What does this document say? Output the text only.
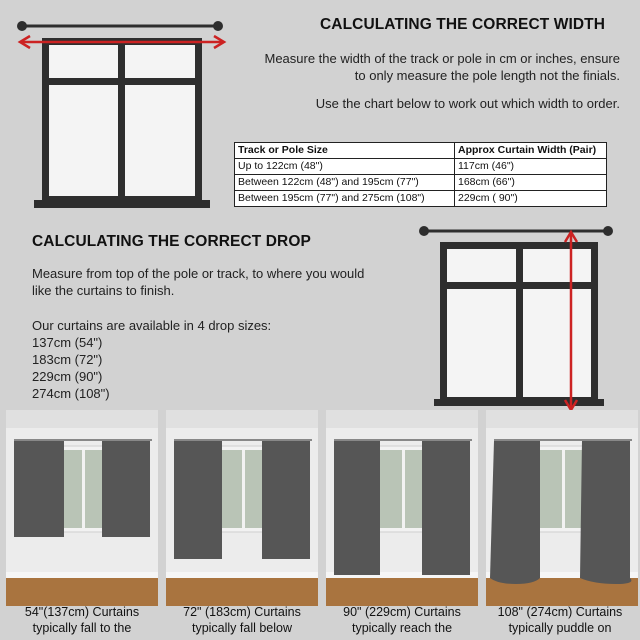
CALCULATING THE CORRECT WIDTH
Measure the width of the track or pole in cm or inches, ensure
to only measure the pole length not the finials.
Use the chart below to work out which width to order.
Track or Pole Size	Approx Curtain Width (Pair)
Up to 122cm (48")	117cm (46")
Between 122cm (48") and 195cm (77")	168cm (66")
Between 195cm (77") and 275cm (108")	229cm ( 90")
CALCULATING THE CORRECT DROP
Measure from top of the pole or track, to where you would
like the curtains to finish.
Our curtains are available in 4 drop sizes:
137cm (54")
183cm (72")
229cm (90")
274cm (108")
54"(137cm) Curtains
typically fall to the
72" (183cm) Curtains
typically fall below
90" (229cm) Curtains
typically reach the
108" (274cm) Curtains
typically puddle on
